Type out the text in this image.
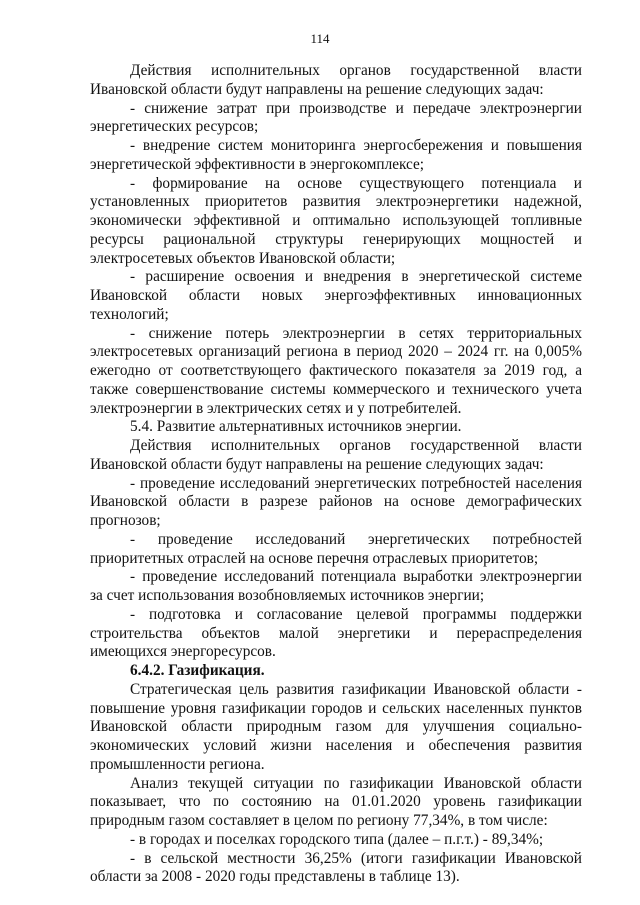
114

Действия исполнительных органов государственной власти Ивановской области будут направлены на решение следующих задач:

- снижение затрат при производстве и передаче электроэнергии энергетических ресурсов;

- внедрение систем мониторинга энергосбережения и повышения энергетической эффективности в энергокомплексе;

- формирование на основе существующего потенциала и установленных приоритетов развития электроэнергетики надежной, экономически эффективной и оптимально использующей топливные ресурсы рациональной структуры генерирующих мощностей и электросетевых объектов Ивановской области;

- расширение освоения и внедрения в энергетической системе Ивановской области новых энергоэффективных инновационных технологий;

- снижение потерь электроэнергии в сетях территориальных электросетевых организаций региона в период 2020 – 2024 гг. на 0,005% ежегодно от соответствующего фактического показателя за 2019 год, а также совершенствование системы коммерческого и технического учета электроэнергии в электрических сетях и у потребителей.

5.4. Развитие альтернативных источников энергии.

Действия исполнительных органов государственной власти Ивановской области будут направлены на решение следующих задач:

- проведение исследований энергетических потребностей населения Ивановской области в разрезе районов на основе демографических прогнозов;

- проведение исследований энергетических потребностей приоритетных отраслей на основе перечня отраслевых приоритетов;

- проведение исследований потенциала выработки электроэнергии за счет использования возобновляемых источников энергии;

- подготовка и согласование целевой программы поддержки строительства объектов малой энергетики и перераспределения имеющихся энергоресурсов.

6.4.2. Газификация.

Стратегическая цель развития газификации Ивановской области - повышение уровня газификации городов и сельских населенных пунктов Ивановской области природным газом для улучшения социально-экономических условий жизни населения и обеспечения развития промышленности региона.

Анализ текущей ситуации по газификации Ивановской области показывает, что по состоянию на 01.01.2020 уровень газификации природным газом составляет в целом по региону 77,34%, в том числе:

- в городах и поселках городского типа (далее – п.г.т.) - 89,34%;

- в сельской местности 36,25% (итоги газификации Ивановской области за 2008 - 2020 годы представлены в таблице 13).
